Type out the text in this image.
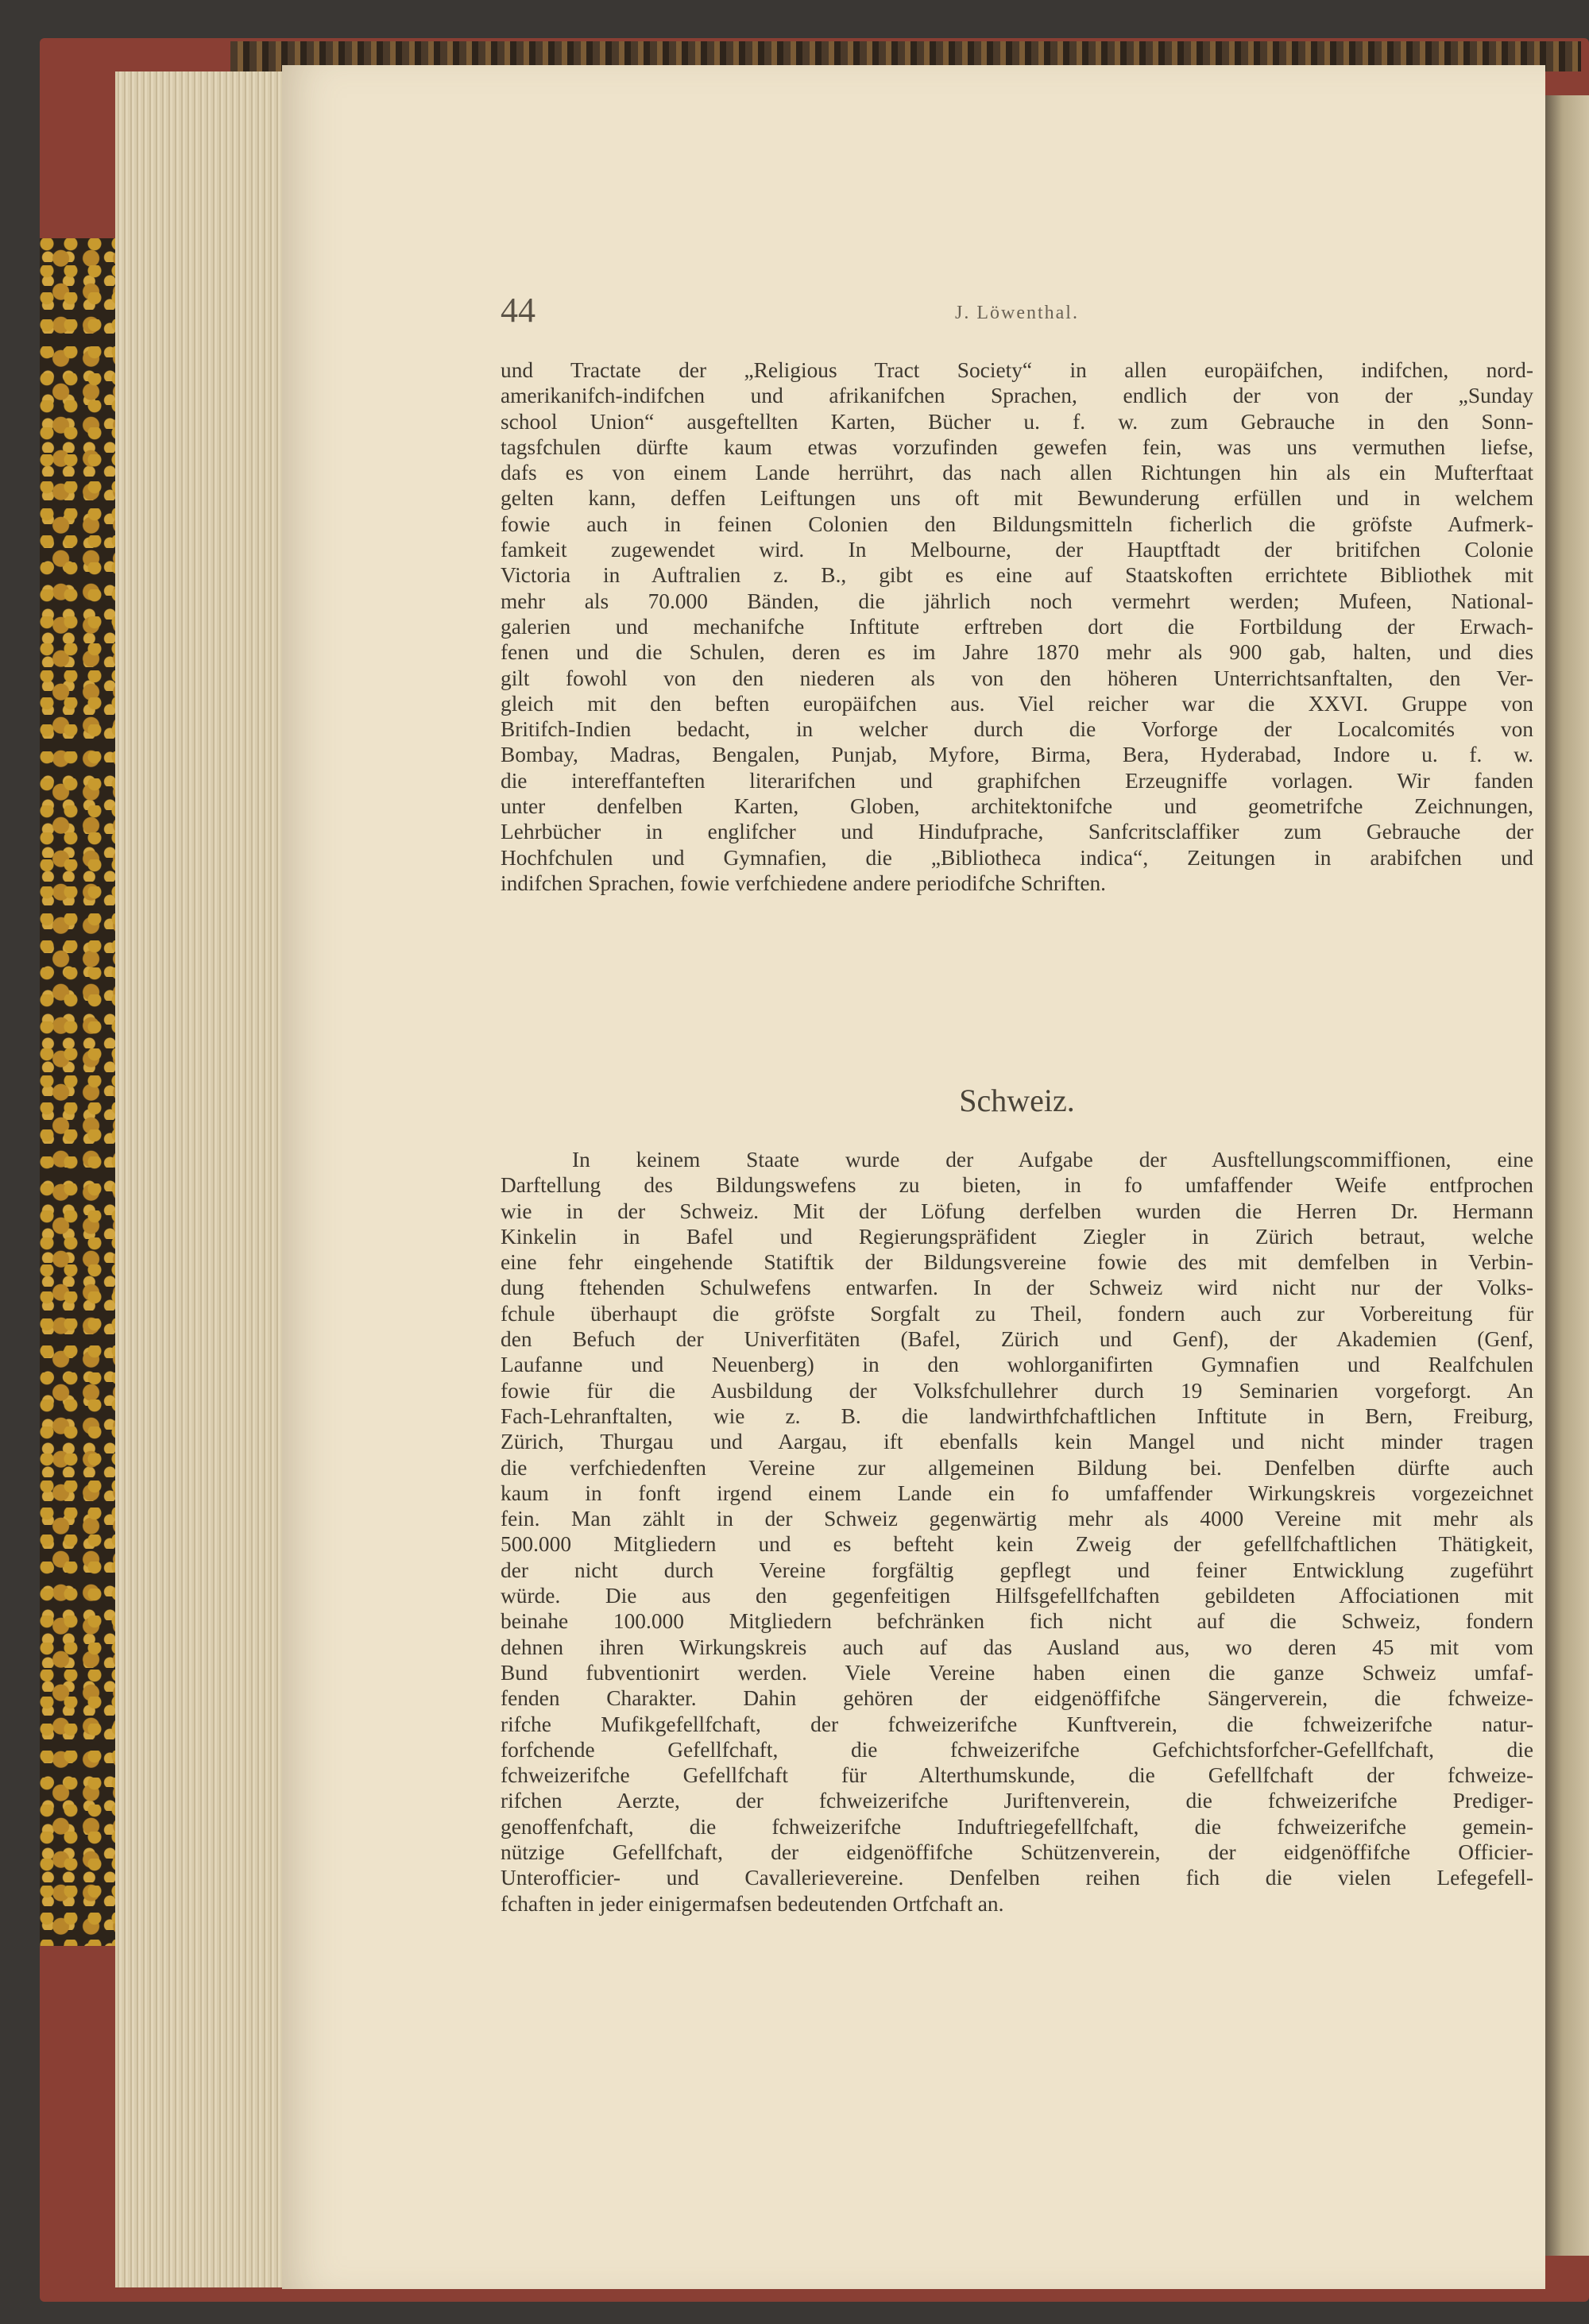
44	J. Löwenthal.
und Tractate der „Religious Tract Society“ in allen europäifchen, indifchen, nord-
amerikanifch-indifchen und afrikanifchen Sprachen, endlich der von der „Sunday
school Union“ ausgeftellten Karten, Bücher u. f. w. zum Gebrauche in den Sonn-
tagsfchulen dürfte kaum etwas vorzufinden gewefen fein, was uns vermuthen liefse,
dafs es von einem Lande herrührt, das nach allen Richtungen hin als ein Mufterftaat
gelten kann, deffen Leiftungen uns oft mit Bewunderung erfüllen und in welchem
fowie auch in feinen Colonien den Bildungsmitteln ficherlich die gröfste Aufmerk-
famkeit zugewendet wird. In Melbourne, der Hauptftadt der britifchen Colonie
Victoria in Auftralien z. B., gibt es eine auf Staatskoften errichtete Bibliothek mit
mehr als 70.000 Bänden, die jährlich noch vermehrt werden; Mufeen, National-
galerien und mechanifche Inftitute erftreben dort die Fortbildung der Erwach-
fenen und die Schulen, deren es im Jahre 1870 mehr als 900 gab, halten, und dies
gilt fowohl von den niederen als von den höheren Unterrichtsanftalten, den Ver-
gleich mit den beften europäifchen aus. Viel reicher war die XXVI. Gruppe von
Britifch-Indien bedacht, in welcher durch die Vorforge der Localcomités von
Bombay, Madras, Bengalen, Punjab, Myfore, Birma, Bera, Hyderabad, Indore u. f. w.
die intereffanteften literarifchen und graphifchen Erzeugniffe vorlagen. Wir fanden
unter denfelben Karten, Globen, architektonifche und geometrifche Zeichnungen,
Lehrbücher in englifcher und Hindufprache, Sanfcritsclaffiker zum Gebrauche der
Hochfchulen und Gymnafien, die „Bibliotheca indica“, Zeitungen in arabifchen und
indifchen Sprachen, fowie verfchiedene andere periodifche Schriften.
Schweiz.
In keinem Staate wurde der Aufgabe der Ausftellungscommiffionen, eine
Darftellung des Bildungswefens zu bieten, in fo umfaffender Weife entfprochen
wie in der Schweiz. Mit der Löfung derfelben wurden die Herren Dr. Hermann
Kinkelin in Bafel und Regierungspräfident Ziegler in Zürich betraut, welche
eine fehr eingehende Statiftik der Bildungsvereine fowie des mit demfelben in Verbin-
dung ftehenden Schulwefens entwarfen. In der Schweiz wird nicht nur der Volks-
fchule überhaupt die gröfste Sorgfalt zu Theil, fondern auch zur Vorbereitung für
den Befuch der Univerfitäten (Bafel, Zürich und Genf), der Akademien (Genf,
Laufanne und Neuenberg) in den wohlorganifirten Gymnafien und Realfchulen
fowie für die Ausbildung der Volksfchullehrer durch 19 Seminarien vorgeforgt. An
Fach-Lehranftalten, wie z. B. die landwirthfchaftlichen Inftitute in Bern, Freiburg,
Zürich, Thurgau und Aargau, ift ebenfalls kein Mangel und nicht minder tragen
die verfchiedenften Vereine zur allgemeinen Bildung bei. Denfelben dürfte auch
kaum in fonft irgend einem Lande ein fo umfaffender Wirkungskreis vorgezeichnet
fein. Man zählt in der Schweiz gegenwärtig mehr als 4000 Vereine mit mehr als
500.000 Mitgliedern und es befteht kein Zweig der gefellfchaftlichen Thätigkeit,
der nicht durch Vereine forgfältig gepflegt und feiner Entwicklung zugeführt
würde. Die aus den gegenfeitigen Hilfsgefellfchaften gebildeten Affociationen mit
beinahe 100.000 Mitgliedern befchränken fich nicht auf die Schweiz, fondern
dehnen ihren Wirkungskreis auch auf das Ausland aus, wo deren 45 mit vom
Bund fubventionirt werden. Viele Vereine haben einen die ganze Schweiz umfaf-
fenden Charakter. Dahin gehören der eidgenöffifche Sängerverein, die fchweize-
rifche Mufikgefellfchaft, der fchweizerifche Kunftverein, die fchweizerifche natur-
forfchende Gefellfchaft, die fchweizerifche Gefchichtsforfcher-Gefellfchaft, die
fchweizerifche Gefellfchaft für Alterthumskunde, die Gefellfchaft der fchweize-
rifchen Aerzte, der fchweizerifche Juriftenverein, die fchweizerifche Prediger-
genoffenfchaft, die fchweizerifche Induftriegefellfchaft, die fchweizerifche gemein-
nützige Gefellfchaft, der eidgenöffifche Schützenverein, der eidgenöffifche Officier-
Unterofficier- und Cavallerievereine. Denfelben reihen fich die vielen Lefegefell-
fchaften in jeder einigermafsen bedeutenden Ortfchaft an.
